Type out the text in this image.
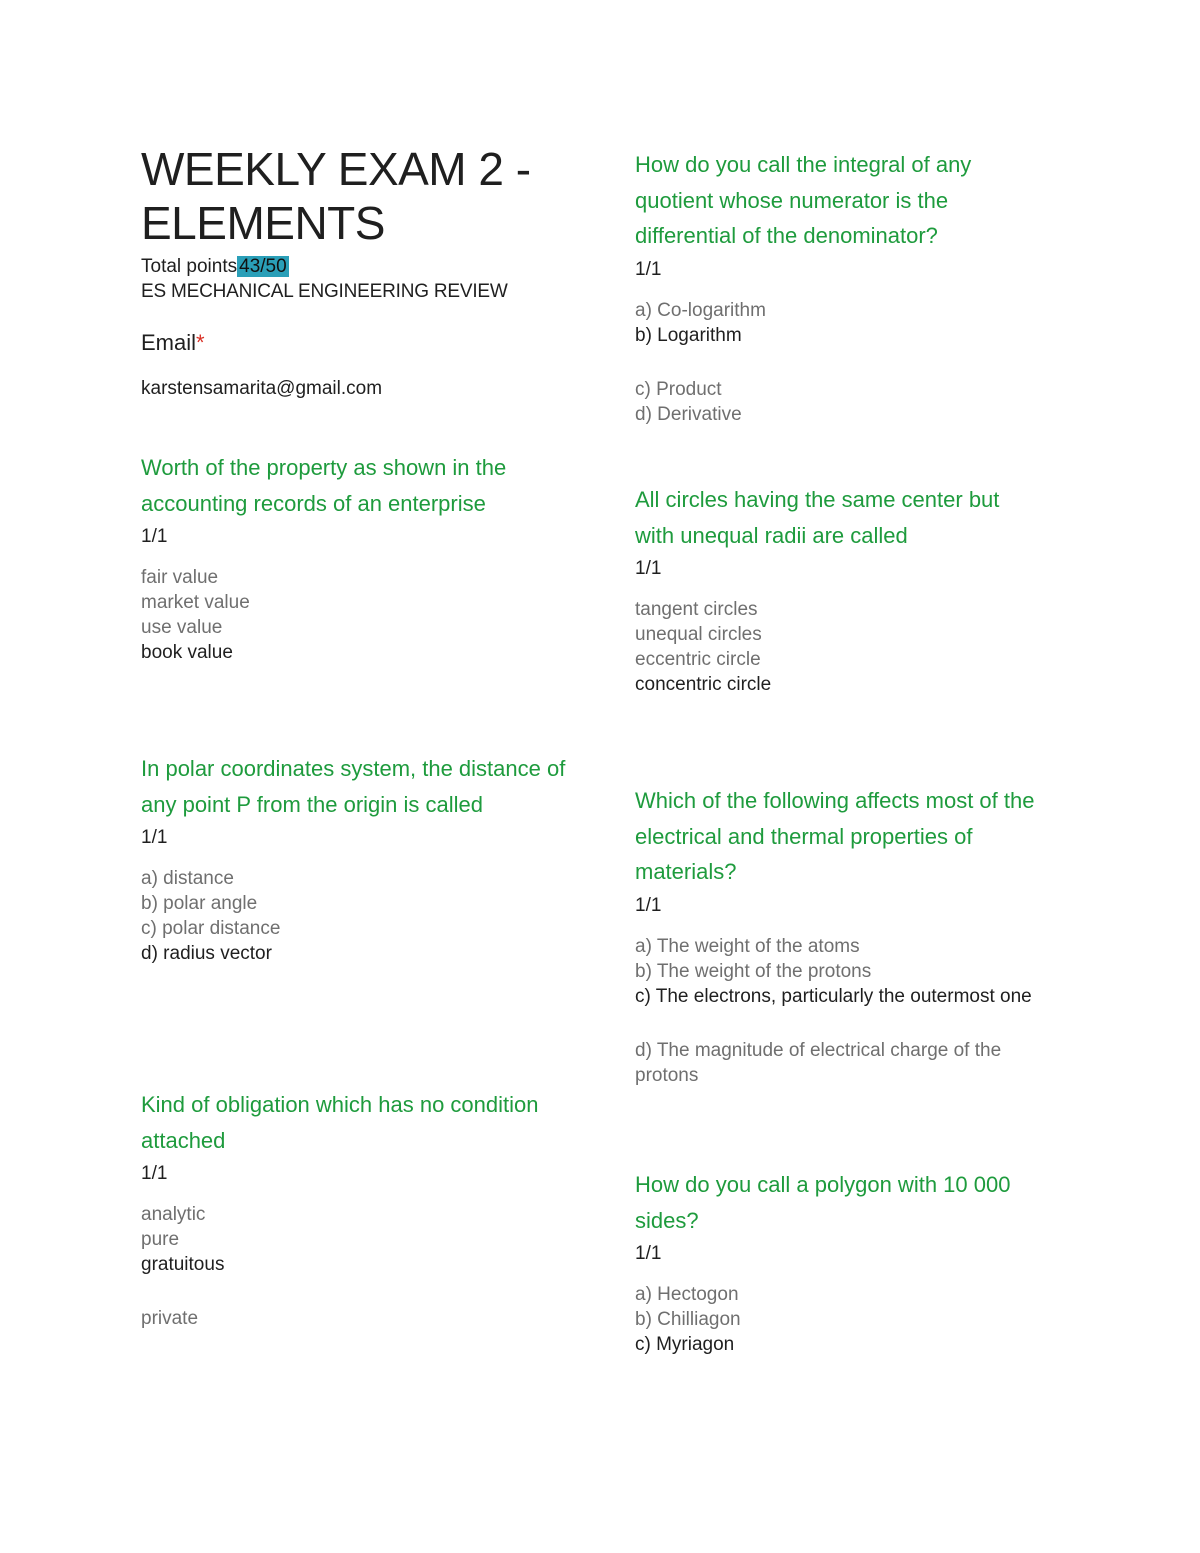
WEEKLY EXAM 2 - ELEMENTS
Total points 43/50
ES MECHANICAL ENGINEERING REVIEW
Email*
karstensamarita@gmail.com
Worth of the property as shown in the accounting records of an enterprise
1/1
fair value
market value
use value
book value
In polar coordinates system, the distance of any point P from the origin is called
1/1
a) distance
b) polar angle
c) polar distance
d) radius vector
Kind of obligation which has no condition attached
1/1
analytic
pure
gratuitous
private
How do you call the integral of any quotient whose numerator is the differential of the denominator?
1/1
a) Co-logarithm
b) Logarithm
c) Product
d) Derivative
All circles having the same center but with unequal radii are called
1/1
tangent circles
unequal circles
eccentric circle
concentric circle
Which of the following affects most of the electrical and thermal properties of materials?
1/1
a) The weight of the atoms
b) The weight of the protons
c) The electrons, particularly the outermost one
d) The magnitude of electrical charge of the protons
How do you call a polygon with 10 000 sides?
1/1
a) Hectogon
b) Chilliagon
c) Myriagon
